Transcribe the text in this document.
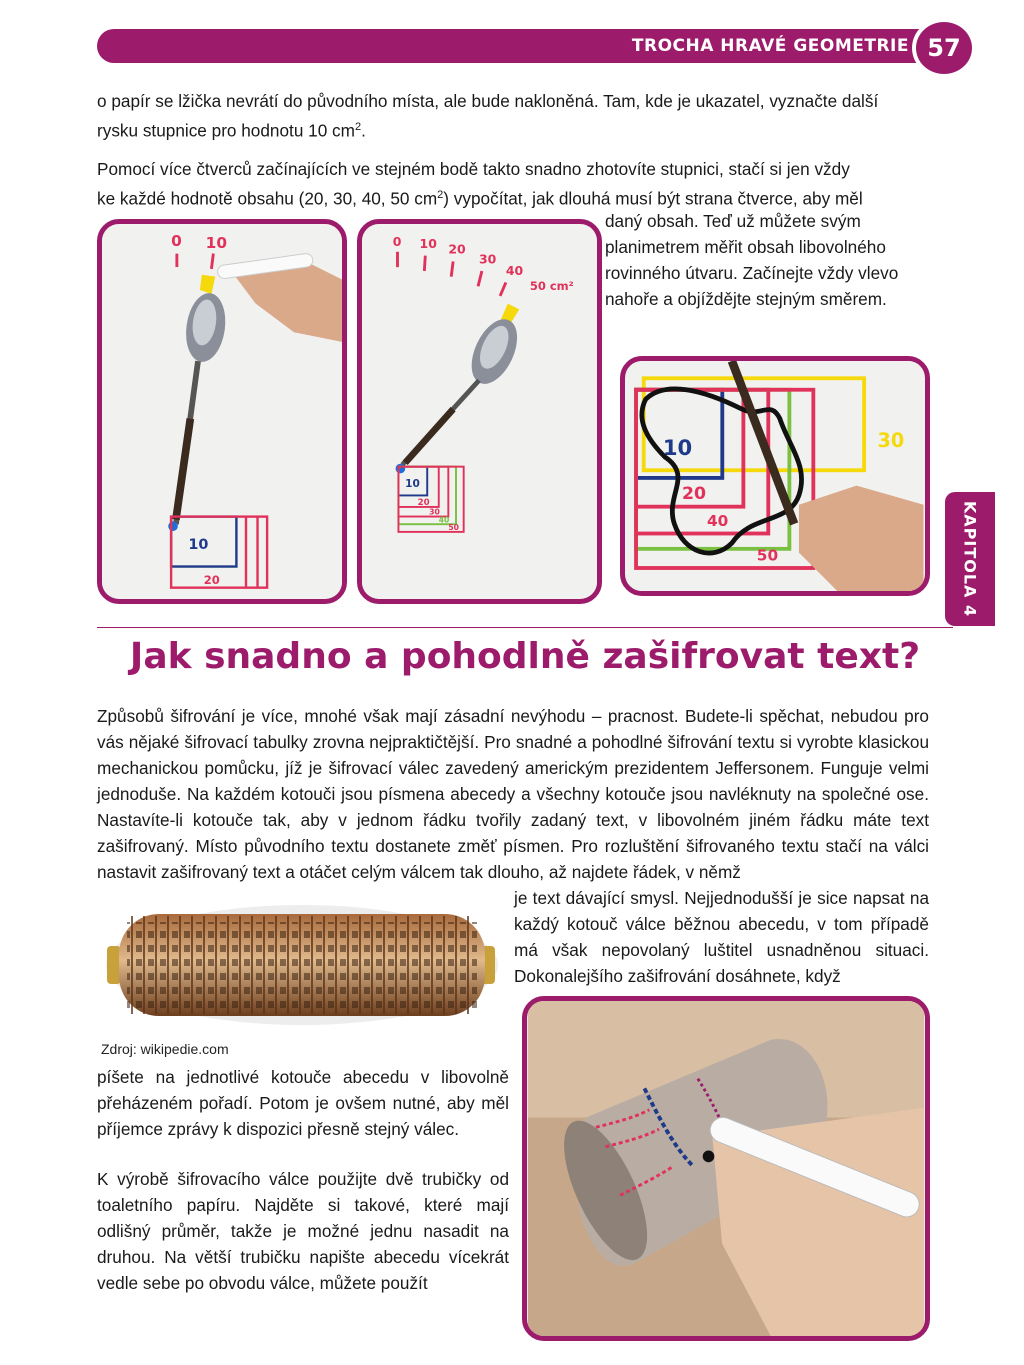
TROCHA HRAVÉ GEOMETRIE 57
KAPITOLA 4
o papír se lžička nevrátí do původního místa, ale bude nakloněná. Tam, kde je ukazatel, vyznačte další
rysku stupnice pro hodnotu 10 $cm^2$.
Pomocí více čtverců začínajících ve stejném bodě takto snadno zhotovíte stupnici, stačí si jen vždy
ke každé hodnotě obsahu (20, 30, 40, 50 $cm^2$) vypočítat, jak dlouhá musí být strana čtverce, aby měl

daný obsah. Teď už můžete svým planimetrem měřit obsah libovolného rovinného útvaru. Začínejte vždy vlevo nahoře a objíždějte stejným směrem.

0 10
10
20
0 10 20
30
40
50 cm²
10
20
30
40
50
30
10
20
40
50
Jak snadno a pohodlně zašifrovat text?

Způsobů šifrování je více, mnohé však mají zásadní nevýhodu – pracnost. Budete-li spěchat, nebudou pro vás nějaké šifrovací tabulky zrovna nejpraktičtější. Pro snadné a pohodlné šifrování textu si vyrobte klasickou mechanickou pomůcku, jíž je šifrovací válec zavedený americkým prezidentem Jeffersonem. Funguje velmi jednoduše. Na každém kotouči jsou písmena abecedy a všechny kotouče jsou navléknuty na společné ose. Nastavíte-li kotouče tak, aby v jednom řádku tvořily zadaný text, v libovolném jiném řádku máte text zašifrovaný. Místo původního textu dostanete změť písmen. Pro rozluštění šifrovaného textu stačí na válci nastavit zašifrovaný text a otáčet celým válcem tak dlouho, až najdete řádek, v němž

je text dávající smysl. Nejjednodušší je sice napsat na každý kotouč válce běžnou abecedu, v tom případě má však nepovolaný luštitel usnadněnou situaci. Dokonalejšího zašifrování dosáhnete, když

Zdroj: wikipedie.com

píšete na jednotlivé kotouče abecedu v libovolně přeházeném pořadí. Potom je ovšem nutné, aby měl příjemce zprávy k dispozici přesně stejný válec.

K výrobě šifrovacího válce použijte dvě trubičky od toaletního papíru. Najděte si takové, které mají odlišný průměr, takže je možné jednu nasadit na druhou. Na větší trubičku napište abecedu vícekrát vedle sebe po obvodu válce, můžete použít
